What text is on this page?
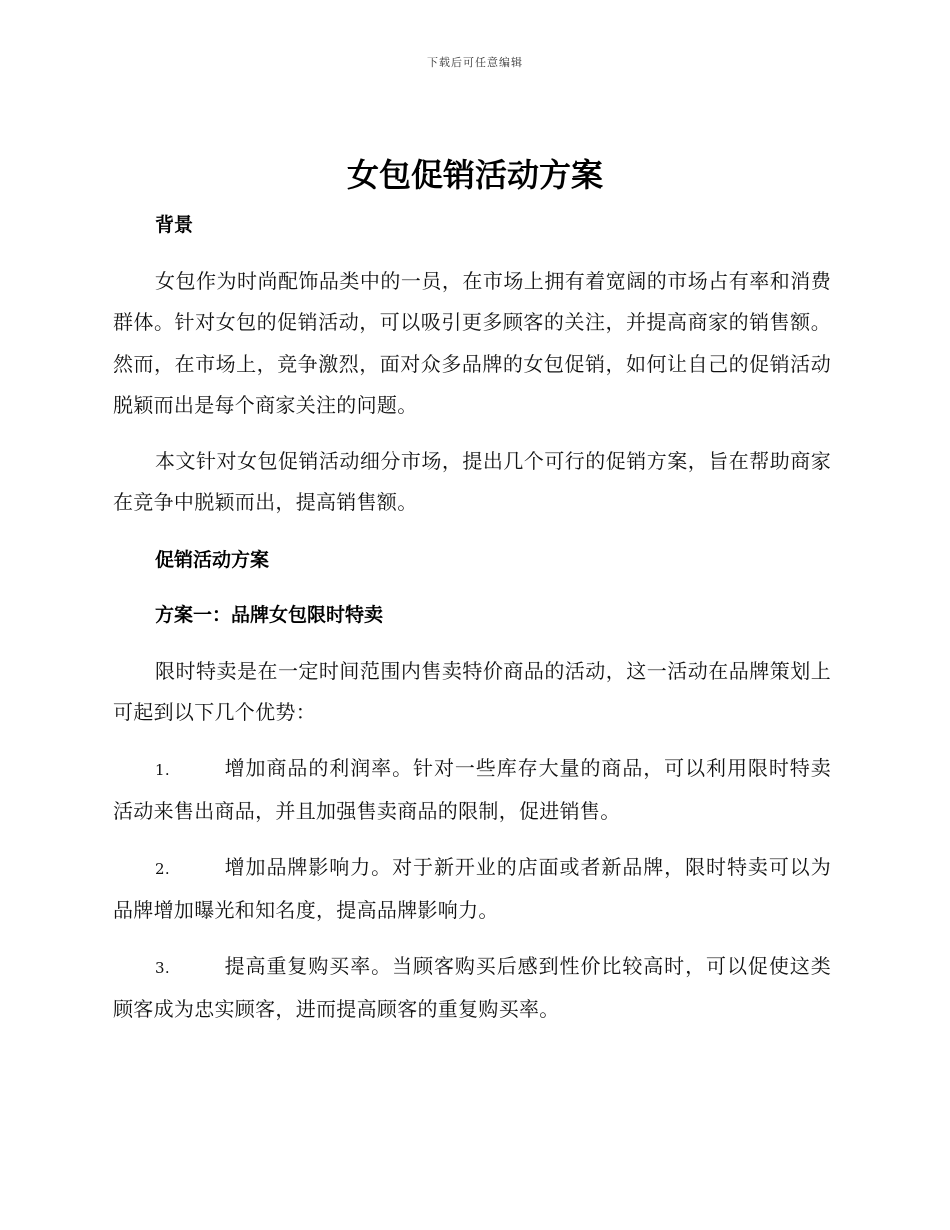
下载后可任意编辑
女包促销活动方案
背景

女包作为时尚配饰品类中的一员，在市场上拥有着宽阔的市场占有率和消费群体。针对女包的促销活动，可以吸引更多顾客的关注，并提高商家的销售额。然而，在市场上，竞争激烈，面对众多品牌的女包促销，如何让自己的促销活动脱颖而出是每个商家关注的问题。

本文针对女包促销活动细分市场，提出几个可行的促销方案，旨在帮助商家在竞争中脱颖而出，提高销售额。

促销活动方案
方案一：品牌女包限时特卖

限时特卖是在一定时间范围内售卖特价商品的活动，这一活动在品牌策划上可起到以下几个优势：

1.	增加商品的利润率。针对一些库存大量的商品，可以利用限时特卖活动来售出商品，并且加强售卖商品的限制，促进销售。

2.	增加品牌影响力。对于新开业的店面或者新品牌，限时特卖可以为品牌增加曝光和知名度，提高品牌影响力。

3.	提高重复购买率。当顾客购买后感到性价比较高时，可以促使这类顾客成为忠实顾客，进而提高顾客的重复购买率。
